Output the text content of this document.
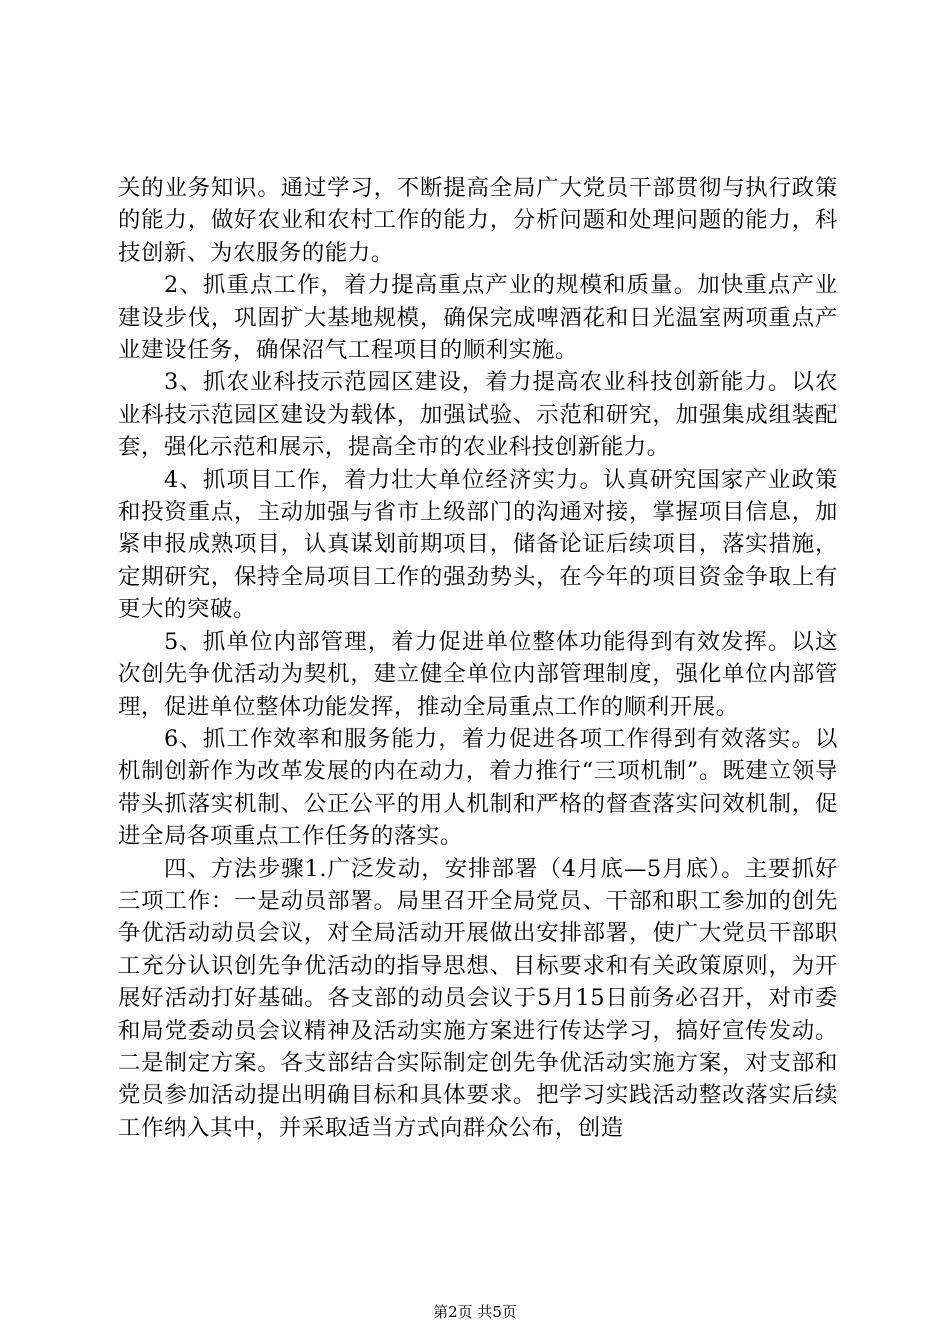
关的业务知识。通过学习，不断提高全局广大党员干部贯彻与执行政策的能力，做好农业和农村工作的能力，分析问题和处理问题的能力，科技创新、为农服务的能力。

2、抓重点工作，着力提高重点产业的规模和质量。加快重点产业建设步伐，巩固扩大基地规模，确保完成啤酒花和日光温室两项重点产业建设任务，确保沼气工程项目的顺利实施。

3、抓农业科技示范园区建设，着力提高农业科技创新能力。以农业科技示范园区建设为载体，加强试验、示范和研究，加强集成组装配套，强化示范和展示，提高全市的农业科技创新能力。

4、抓项目工作，着力壮大单位经济实力。认真研究国家产业政策和投资重点，主动加强与省市上级部门的沟通对接，掌握项目信息，加紧申报成熟项目，认真谋划前期项目，储备论证后续项目，落实措施，定期研究，保持全局项目工作的强劲势头，在今年的项目资金争取上有更大的突破。

5、抓单位内部管理，着力促进单位整体功能得到有效发挥。以这次创先争优活动为契机，建立健全单位内部管理制度，强化单位内部管理，促进单位整体功能发挥，推动全局重点工作的顺利开展。

6、抓工作效率和服务能力，着力促进各项工作得到有效落实。以机制创新作为改革发展的内在动力，着力推行“三项机制”。既建立领导带头抓落实机制、公正公平的用人机制和严格的督查落实问效机制，促进全局各项重点工作任务的落实。

四、方法步骤1.广泛发动，安排部署（4月底—5月底）。主要抓好三项工作：一是动员部署。局里召开全局党员、干部和职工参加的创先争优活动动员会议，对全局活动开展做出安排部署，使广大党员干部职工充分认识创先争优活动的指导思想、目标要求和有关政策原则，为开展好活动打好基础。各支部的动员会议于5月15日前务必召开，对市委和局党委动员会议精神及活动实施方案进行传达学习，搞好宣传发动。二是制定方案。各支部结合实际制定创先争优活动实施方案，对支部和党员参加活动提出明确目标和具体要求。把学习实践活动整改落实后续工作纳入其中，并采取适当方式向群众公布，创造

第2页 共5页
